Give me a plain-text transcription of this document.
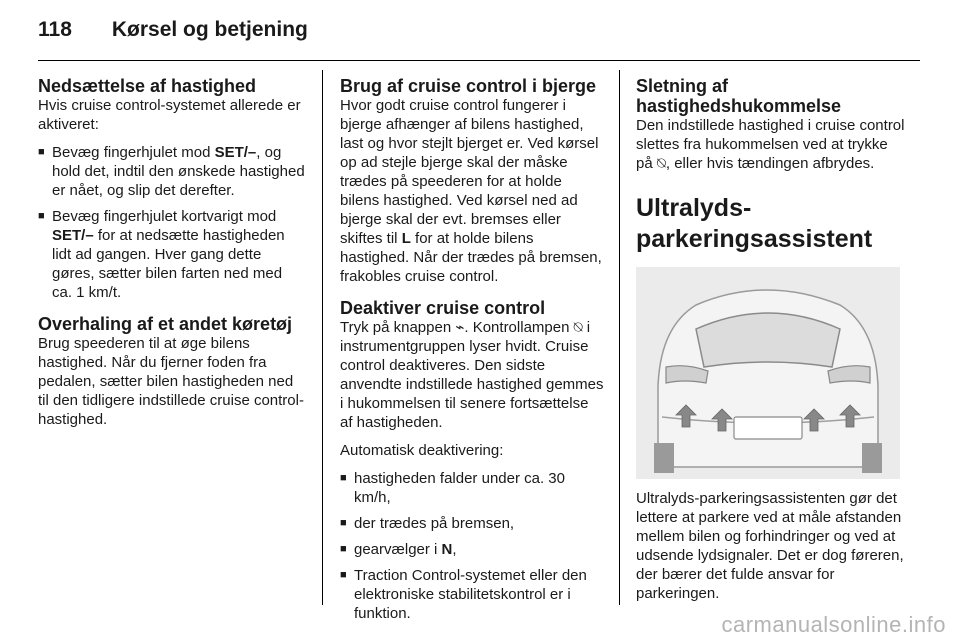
118 Kørsel og betjening
Nedsættelse af hastighed

Hvis cruise control-systemet allerede er aktiveret:

■ Bevæg fingerhjulet mod SET/–, og hold det, indtil den ønskede hastighed er nået, og slip det derefter.
■ Bevæg fingerhjulet kortvarigt mod SET/– for at nedsætte hastigheden lidt ad gangen. Hver gang dette gøres, sætter bilen farten ned med ca. 1 km/t.
Overhaling af et andet køretøj

Brug speederen til at øge bilens hastighed. Når du fjerner foden fra pedalen, sætter bilen hastigheden ned til den tidligere indstillede cruise control-hastighed.

Brug af cruise control i bjerge

Hvor godt cruise control fungerer i bjerge afhænger af bilens hastighed, last og hvor stejlt bjerget er. Ved kørsel op ad stejle bjerge skal der måske trædes på speederen for at holde bilens hastighed. Ved kørsel ned ad bjerge skal der evt. bremses eller skiftes til L for at holde bilens hastighed. Når der trædes på bremsen, frakobles cruise control.

Deaktiver cruise control

Tryk på knappen ⌁. Kontrollampen ⍉ i instrumentgruppen lyser hvidt. Cruise control deaktiveres. Den sidste anvendte indstillede hastighed gemmes i hukommelsen til senere fortsættelse af hastigheden.

Automatisk deaktivering:

■ hastigheden falder under ca. 30 km/h,
■ der trædes på bremsen,
■ gearvælger i N,
■ Traction Control-systemet eller den elektroniske stabilitetskontrol er i funktion.
Sletning af hastighedshukommelse

Den indstillede hastighed i cruise control slettes fra hukommelsen ved at trykke på ⍉, eller hvis tændingen afbrydes.

Ultralyds-parkeringsassistent

Ultralyds-parkeringsassistenten gør det lettere at parkere ved at måle afstanden mellem bilen og forhindringer og ved at udsende lydsignaler. Det er dog føreren, der bærer det fulde ansvar for parkeringen.

carmanualsonline.info
